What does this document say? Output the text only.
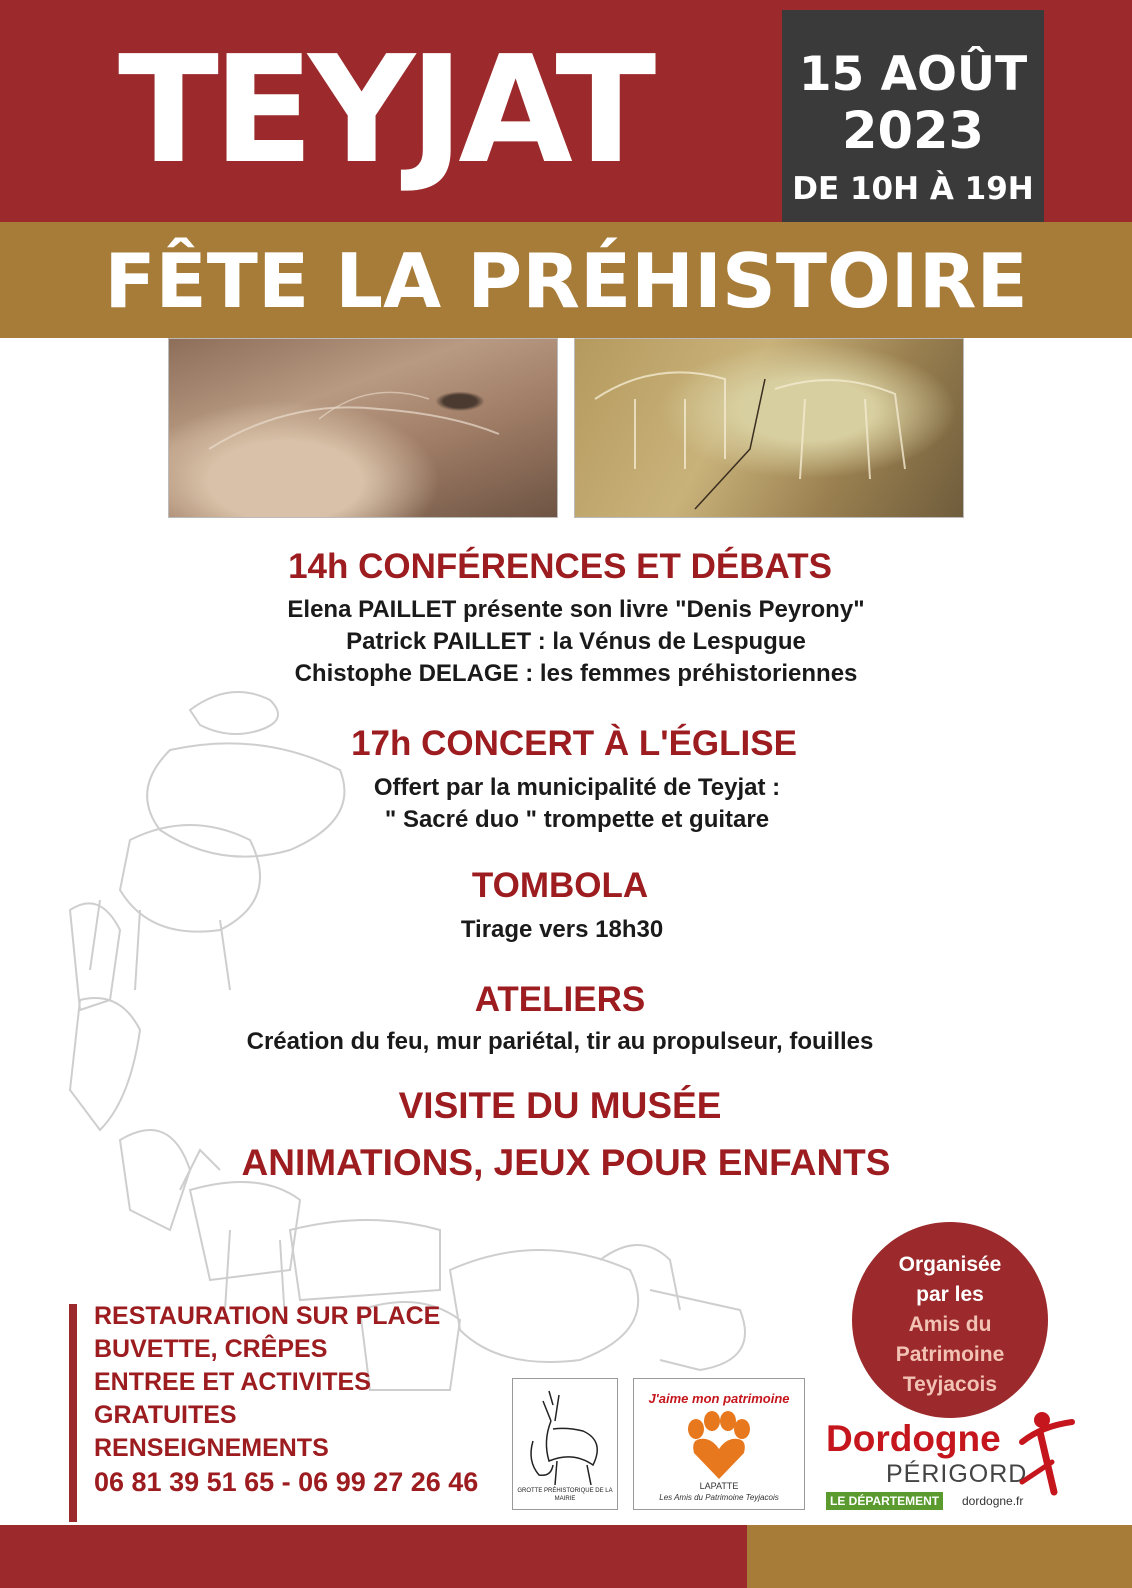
TEYJAT	15 AOÛT
2023
DE 10H À 19H
FÊTE LA PRÉHISTOIRE
14h CONFÉRENCES ET DÉBATS
Elena PAILLET présente son livre "Denis Peyrony"
Patrick PAILLET : la Vénus de Lespugue
Chistophe DELAGE : les femmes préhistoriennes
17h CONCERT À L'ÉGLISE
Offert par la municipalité de Teyjat :
" Sacré duo " trompette et guitare
TOMBOLA
Tirage vers 18h30
ATELIERS
Création du feu, mur pariétal, tir au propulseur, fouilles
VISITE DU MUSÉE
ANIMATIONS, JEUX POUR ENFANTS
Organisée
par les
Amis du
Patrimoine
Teyjacois
RESTAURATION SUR PLACE
BUVETTE, CRÊPES
ENTREE ET ACTIVITES
GRATUITES
RENSEIGNEMENTS
06 81 39 51 65 - 06 99 27 26 46	GROTTE PRÉHISTORIQUE DE LA MAIRIE
J'aime mon patrimoine
LAPATTE
Les Amis du Patrimoine Teyjacois
Dordogne
PÉRIGORD
LE DÉPARTEMENT	dordogne.fr
